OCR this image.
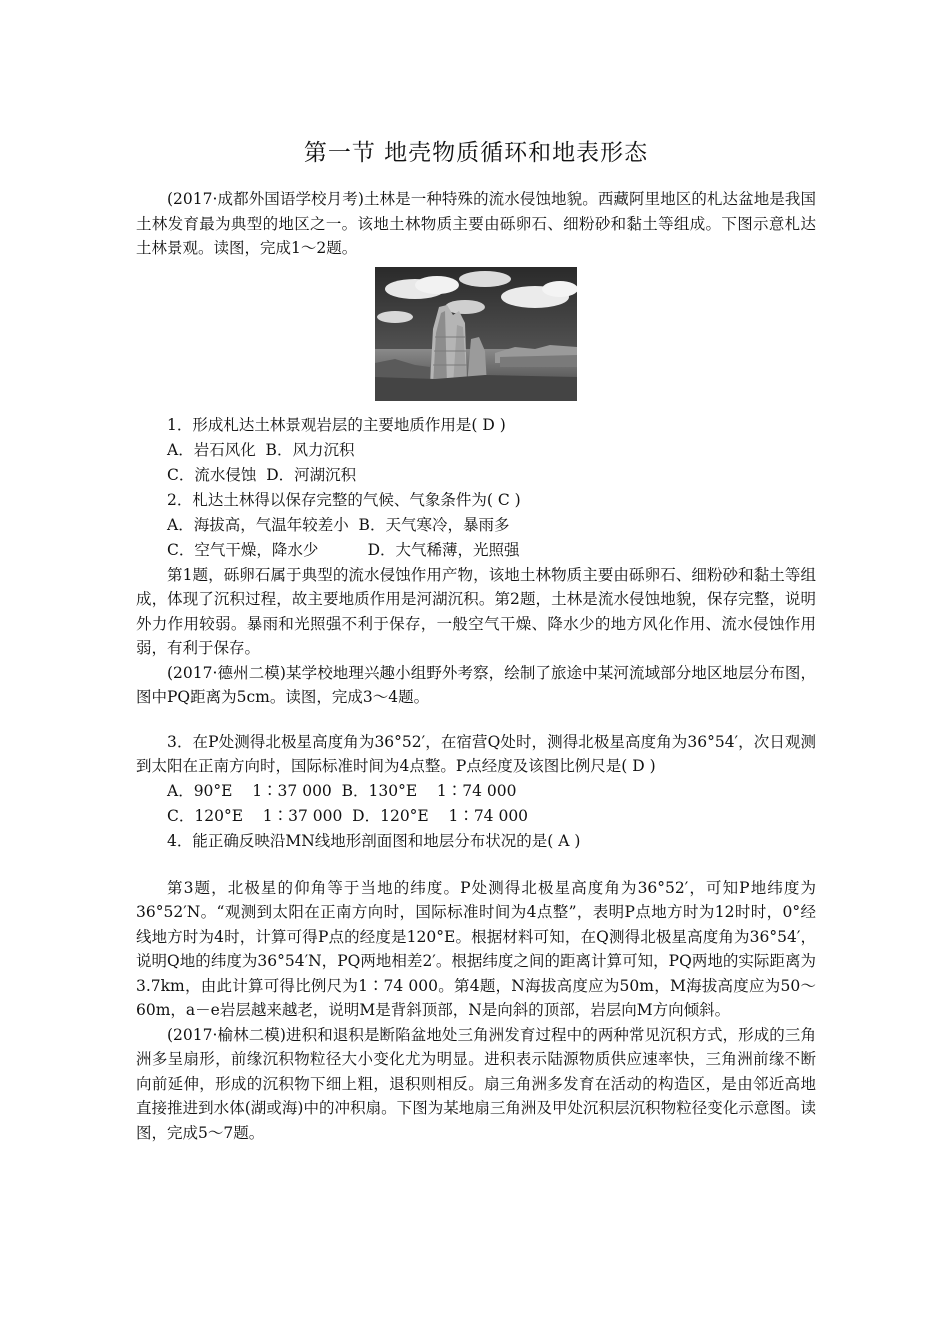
第一节 地壳物质循环和地表形态

(2017·成都外国语学校月考)土林是一种特殊的流水侵蚀地貌。西藏阿里地区的札达盆地是我国土林发育最为典型的地区之一。该地土林物质主要由砾卵石、细粉砂和黏土等组成。下图示意札达土林景观。读图，完成1～2题。

1．形成札达土林景观岩层的主要地质作用是( D )

A．岩石风化  B．风力沉积

C．流水侵蚀  D．河湖沉积

2．札达土林得以保存完整的气候、气象条件为( C )

A．海拔高，气温年较差小  B．天气寒冷，暴雨多

C．空气干燥，降水少          D．大气稀薄，光照强

第1题，砾卵石属于典型的流水侵蚀作用产物，该地土林物质主要由砾卵石、细粉砂和黏土等组成，体现了沉积过程，故主要地质作用是河湖沉积。第2题，土林是流水侵蚀地貌，保存完整，说明外力作用较弱。暴雨和光照强不利于保存，一般空气干燥、降水少的地方风化作用、流水侵蚀作用弱，有利于保存。

(2017·德州二模)某学校地理兴趣小组野外考察，绘制了旅途中某河流域部分地区地层分布图，图中PQ距离为5cm。读图，完成3～4题。

3．在P处测得北极星高度角为36°52′，在宿营Q处时，测得北极星高度角为36°54′，次日观测到太阳在正南方向时，国际标准时间为4点整。P点经度及该图比例尺是( D )

A．90°E    1∶37 000  B．130°E    1∶74 000

C．120°E    1∶37 000  D．120°E    1∶74 000

4．能正确反映沿MN线地形剖面图和地层分布状况的是( A )

第3题，北极星的仰角等于当地的纬度。P处测得北极星高度角为36°52′，可知P地纬度为36°52′N。“观测到太阳在正南方向时，国际标准时间为4点整”，表明P点地方时为12时时，0°经线地方时为4时，计算可得P点的经度是120°E。根据材料可知，在Q测得北极星高度角为36°54′，说明Q地的纬度为36°54′N，PQ两地相差2′。根据纬度之间的距离计算可知，PQ两地的实际距离为3.7km，由此计算可得比例尺为1∶74 000。第4题，N海拔高度应为50m，M海拔高度应为50～60m，a－e岩层越来越老，说明M是背斜顶部，N是向斜的顶部，岩层向M方向倾斜。

(2017·榆林二模)进积和退积是断陷盆地处三角洲发育过程中的两种常见沉积方式，形成的三角洲多呈扇形，前缘沉积物粒径大小变化尤为明显。进积表示陆源物质供应速率快，三角洲前缘不断向前延伸，形成的沉积物下细上粗，退积则相反。扇三角洲多发育在活动的构造区，是由邻近高地直接推进到水体(湖或海)中的冲积扇。下图为某地扇三角洲及甲处沉积层沉积物粒径变化示意图。读图，完成5～7题。
